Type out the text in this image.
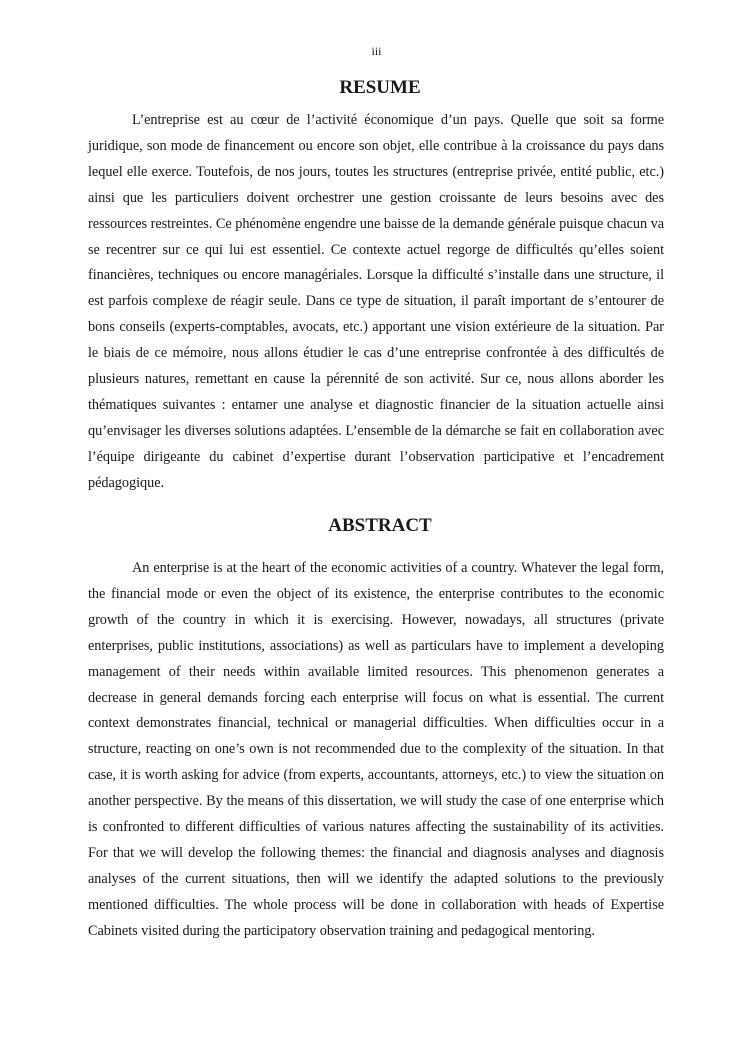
iii
RESUME

L’entreprise est au cœur de l’activité économique d’un pays. Quelle que soit sa forme juridique, son mode de financement ou encore son objet, elle contribue à la croissance du pays dans lequel elle exerce. Toutefois, de nos jours, toutes les structures (entreprise privée, entité public, etc.) ainsi que les particuliers doivent orchestrer une gestion croissante de leurs besoins avec des ressources restreintes. Ce phénomène engendre une baisse de la demande générale puisque chacun va se recentrer sur ce qui lui est essentiel. Ce contexte actuel regorge de difficultés qu’elles soient financières, techniques ou encore managériales. Lorsque la difficulté s’installe dans une structure, il est parfois complexe de réagir seule. Dans ce type de situation, il paraît important de s’entourer de bons conseils (experts-comptables, avocats, etc.) apportant une vision extérieure de la situation. Par le biais de ce mémoire, nous allons étudier le cas d’une entreprise confrontée à des difficultés de plusieurs natures, remettant en cause la pérennité de son activité. Sur ce, nous allons aborder les thématiques suivantes : entamer une analyse et diagnostic financier de la situation actuelle ainsi qu’envisager les diverses solutions adaptées. L’ensemble de la démarche se fait en collaboration avec l’équipe dirigeante du cabinet d’expertise durant l’observation participative et l’encadrement pédagogique.

ABSTRACT

An enterprise is at the heart of the economic activities of a country. Whatever the legal form, the financial mode or even the object of its existence, the enterprise contributes to the economic growth of the country in which it is exercising. However, nowadays, all structures (private enterprises, public institutions, associations) as well as particulars have to implement a developing management of their needs within available limited resources. This phenomenon generates a decrease in general demands forcing each enterprise will focus on what is essential. The current context demonstrates financial, technical or managerial difficulties. When difficulties occur in a structure, reacting on one’s own is not recommended due to the complexity of the situation. In that case, it is worth asking for advice (from experts, accountants, attorneys, etc.) to view the situation on another perspective. By the means of this dissertation, we will study the case of one enterprise which is confronted to different difficulties of various natures affecting the sustainability of its activities. For that we will develop the following themes: the financial and diagnosis analyses and diagnosis analyses of the current situations, then will we identify the adapted solutions to the previously mentioned difficulties. The whole process will be done in collaboration with heads of Expertise Cabinets visited during the participatory observation training and pedagogical mentoring.
